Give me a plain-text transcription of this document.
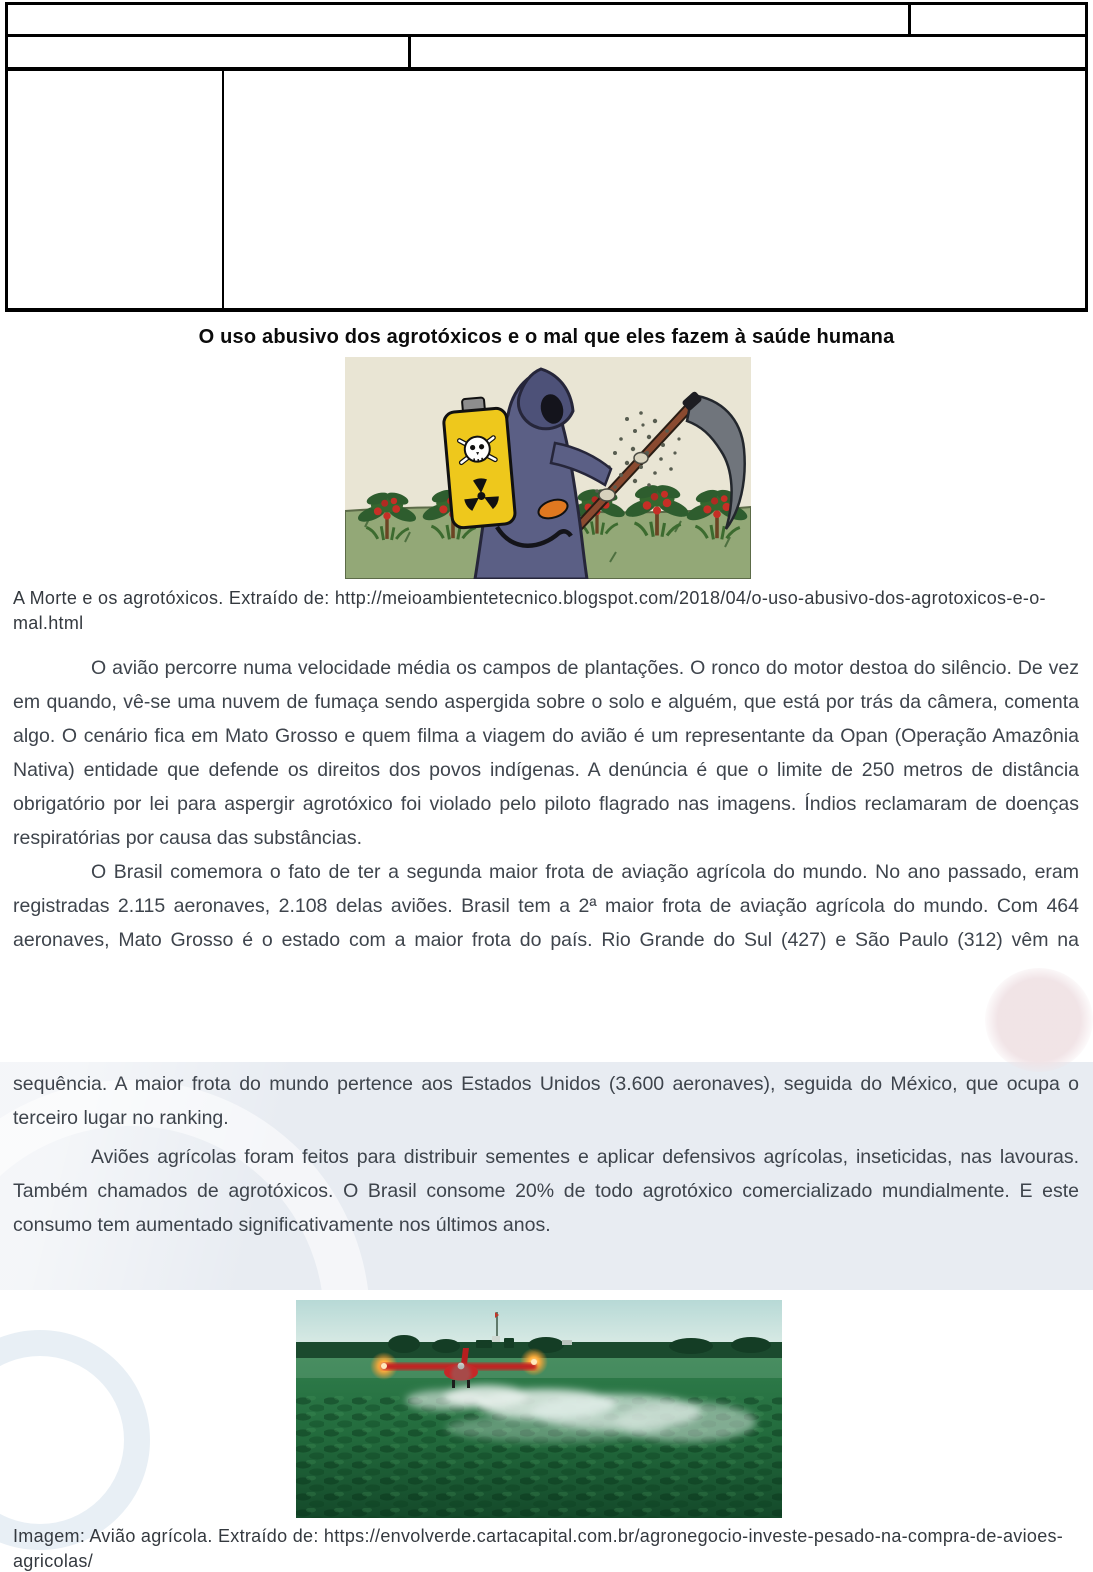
O uso abusivo dos agrotóxicos e o mal que eles fazem à saúde humana
A Morte e os agrotóxicos. Extraído de: http://meioambientetecnico.blogspot.com/2018/04/o-uso-abusivo-dos-agrotoxicos-e-o-mal.html

O avião percorre numa velocidade média os campos de plantações. O ronco do motor destoa do silêncio. De vez em quando, vê-se uma nuvem de fumaça sendo aspergida sobre o solo e alguém, que está por trás da câmera, comenta algo. O cenário fica em Mato Grosso e quem filma a viagem do avião é um representante da Opan (Operação Amazônia Nativa) entidade que defende os direitos dos povos indígenas. A denúncia é que o limite de 250 metros de distância obrigatório por lei para aspergir agrotóxico foi violado pelo piloto flagrado nas imagens. Índios reclamaram de doenças respiratórias por causa das substâncias.

O Brasil comemora o fato de ter a segunda maior frota de aviação agrícola do mundo. No ano passado, eram registradas 2.115 aeronaves, 2.108 delas aviões. Brasil tem a 2ª maior frota de aviação agrícola do mundo. Com 464 aeronaves, Mato Grosso é o estado com a maior frota do país. Rio Grande do Sul (427) e São Paulo (312) vêm na

sequência. A maior frota do mundo pertence aos Estados Unidos (3.600 aeronaves), seguida do México, que ocupa o terceiro lugar no ranking.

Aviões agrícolas foram feitos para distribuir sementes e aplicar defensivos agrícolas, inseticidas, nas lavouras. Também chamados de agrotóxicos. O Brasil consome 20% de todo agrotóxico comercializado mundialmente. E este consumo tem aumentado significativamente nos últimos anos.

Imagem: Avião agrícola. Extraído de: https://envolverde.cartacapital.com.br/agronegocio-investe-pesado-na-compra-de-avioes-agricolas/
